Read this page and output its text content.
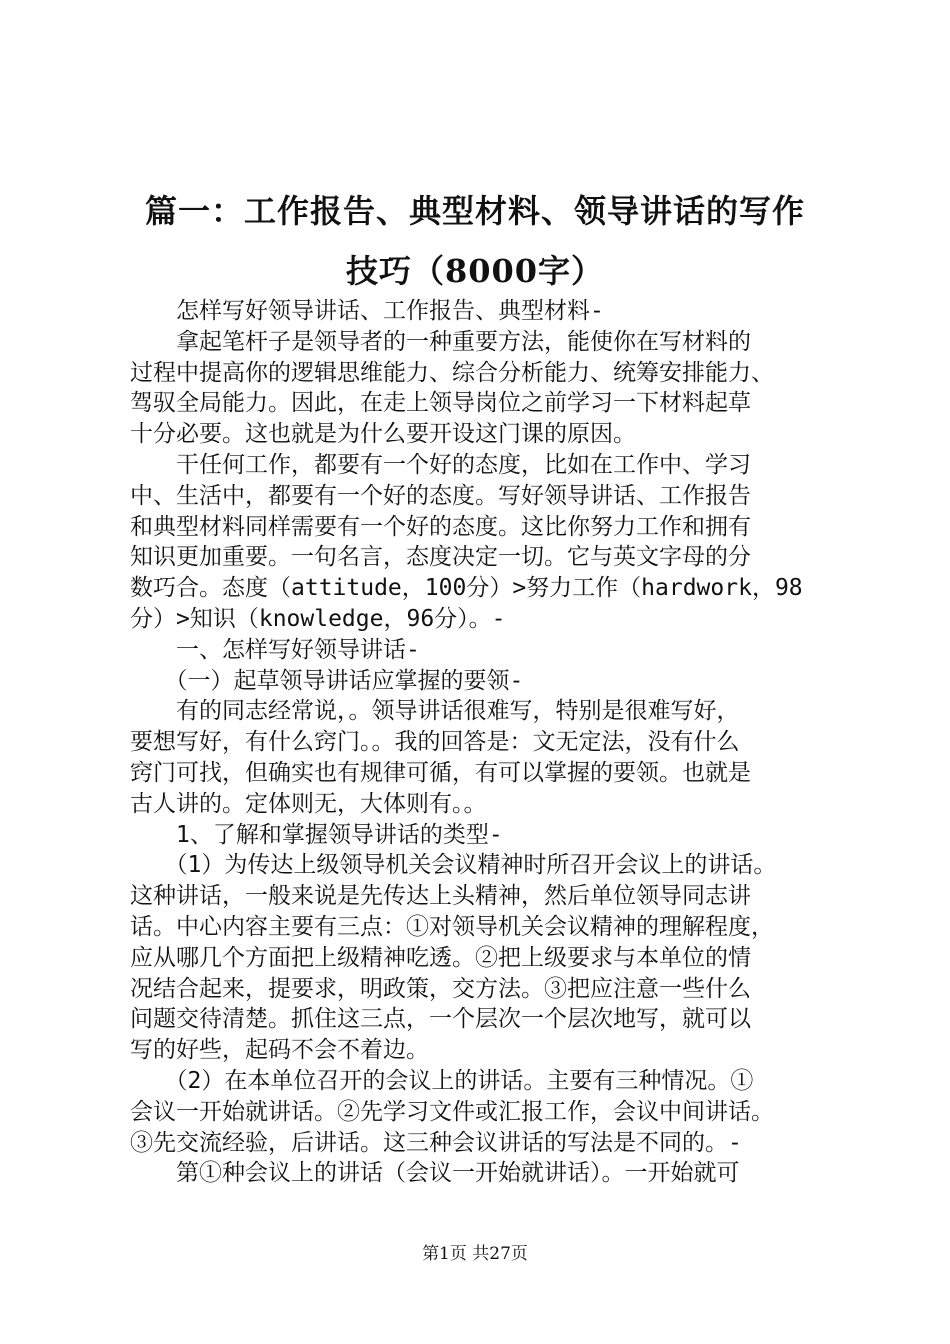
篇一：工作报告、典型材料、领导讲话的写作
技巧（8000字）
　　怎样写好领导讲话、工作报告、典型材料-
　　拿起笔杆子是领导者的一种重要方法，能使你在写材料的
过程中提高你的逻辑思维能力、综合分析能力、统筹安排能力、
驾驭全局能力。因此，在走上领导岗位之前学习一下材料起草
十分必要。这也就是为什么要开设这门课的原因。
　　干任何工作，都要有一个好的态度，比如在工作中、学习
中、生活中，都要有一个好的态度。写好领导讲话、工作报告
和典型材料同样需要有一个好的态度。这比你努力工作和拥有
知识更加重要。一句名言，态度决定一切。它与英文字母的分
数巧合。态度（attitude，100分）>努力工作（hardwork，98
分）>知识（knowledge，96分）。-
　　一、怎样写好领导讲话-
　　（一）起草领导讲话应掌握的要领-
　　有的同志经常说，。领导讲话很难写，特别是很难写好，
要想写好，有什么窍门。。我的回答是：文无定法，没有什么
窍门可找，但确实也有规律可循，有可以掌握的要领。也就是
古人讲的。定体则无，大体则有。。
　　1、了解和掌握领导讲话的类型-
　　（1）为传达上级领导机关会议精神时所召开会议上的讲话。
这种讲话，一般来说是先传达上头精神，然后单位领导同志讲
话。中心内容主要有三点：①对领导机关会议精神的理解程度，
应从哪几个方面把上级精神吃透。②把上级要求与本单位的情
况结合起来，提要求，明政策，交方法。③把应注意一些什么
问题交待清楚。抓住这三点，一个层次一个层次地写，就可以
写的好些，起码不会不着边。
　　（2）在本单位召开的会议上的讲话。主要有三种情况。①
会议一开始就讲话。②先学习文件或汇报工作，会议中间讲话。
③先交流经验，后讲话。这三种会议讲话的写法是不同的。-
　　第①种会议上的讲话（会议一开始就讲话）。一开始就可
第1页 共27页
